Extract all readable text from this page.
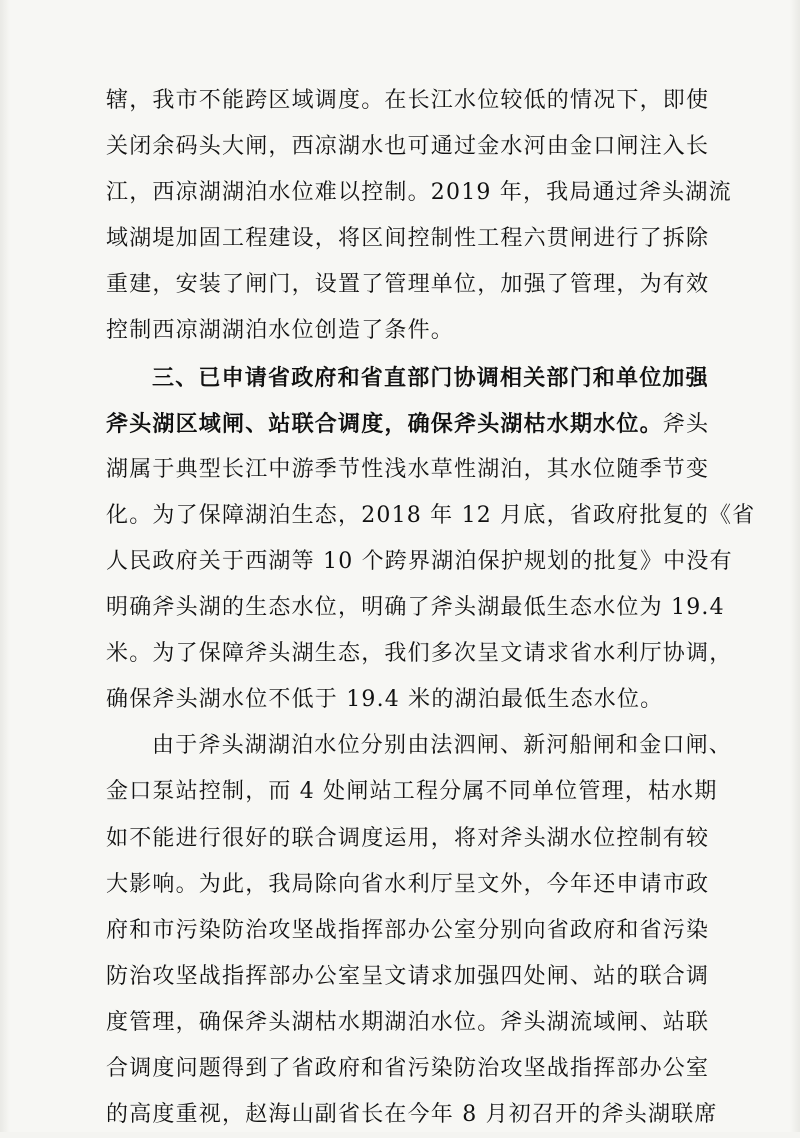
辖，我市不能跨区域调度。在长江水位较低的情况下，即使
关闭余码头大闸，西凉湖水也可通过金水河由金口闸注入长
江，西凉湖湖泊水位难以控制。2019 年，我局通过斧头湖流
域湖堤加固工程建设，将区间控制性工程六贯闸进行了拆除
重建，安装了闸门，设置了管理单位，加强了管理，为有效
控制西凉湖湖泊水位创造了条件。
三、已申请省政府和省直部门协调相关部门和单位加强
斧头湖区域闸、站联合调度，确保斧头湖枯水期水位。斧头
湖属于典型长江中游季节性浅水草性湖泊，其水位随季节变
化。为了保障湖泊生态，2018 年 12 月底，省政府批复的《省
人民政府关于西湖等 10 个跨界湖泊保护规划的批复》中没有
明确斧头湖的生态水位，明确了斧头湖最低生态水位为 19.4
米。为了保障斧头湖生态，我们多次呈文请求省水利厅协调，
确保斧头湖水位不低于 19.4 米的湖泊最低生态水位。
由于斧头湖湖泊水位分别由法泗闸、新河船闸和金口闸、
金口泵站控制，而 4 处闸站工程分属不同单位管理，枯水期
如不能进行很好的联合调度运用，将对斧头湖水位控制有较
大影响。为此，我局除向省水利厅呈文外，今年还申请市政
府和市污染防治攻坚战指挥部办公室分别向省政府和省污染
防治攻坚战指挥部办公室呈文请求加强四处闸、站的联合调
度管理，确保斧头湖枯水期湖泊水位。斧头湖流域闸、站联
合调度问题得到了省政府和省污染防治攻坚战指挥部办公室
的高度重视，赵海山副省长在今年 8 月初召开的斧头湖联席
